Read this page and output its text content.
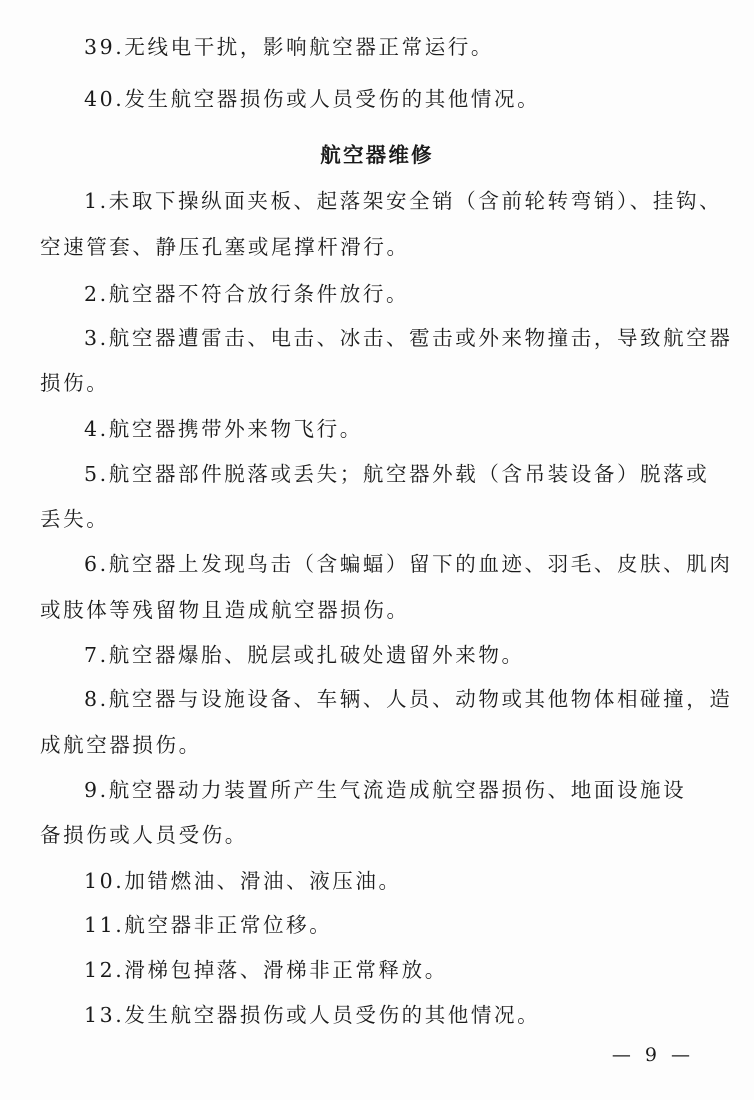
39.无线电干扰，影响航空器正常运行。
40.发生航空器损伤或人员受伤的其他情况。
航空器维修
1.未取下操纵面夹板、起落架安全销（含前轮转弯销）、挂钩、
空速管套、静压孔塞或尾撑杆滑行。
2.航空器不符合放行条件放行。
3.航空器遭雷击、电击、冰击、雹击或外来物撞击，导致航空器
损伤。
4.航空器携带外来物飞行。
5.航空器部件脱落或丢失；航空器外载（含吊装设备）脱落或
丢失。
6.航空器上发现鸟击（含蝙蝠）留下的血迹、羽毛、皮肤、肌肉
或肢体等残留物且造成航空器损伤。
7.航空器爆胎、脱层或扎破处遗留外来物。
8.航空器与设施设备、车辆、人员、动物或其他物体相碰撞，造
成航空器损伤。
9.航空器动力装置所产生气流造成航空器损伤、地面设施设
备损伤或人员受伤。
10.加错燃油、滑油、液压油。
11.航空器非正常位移。
12.滑梯包掉落、滑梯非正常释放。
13.发生航空器损伤或人员受伤的其他情况。
— 9 —
